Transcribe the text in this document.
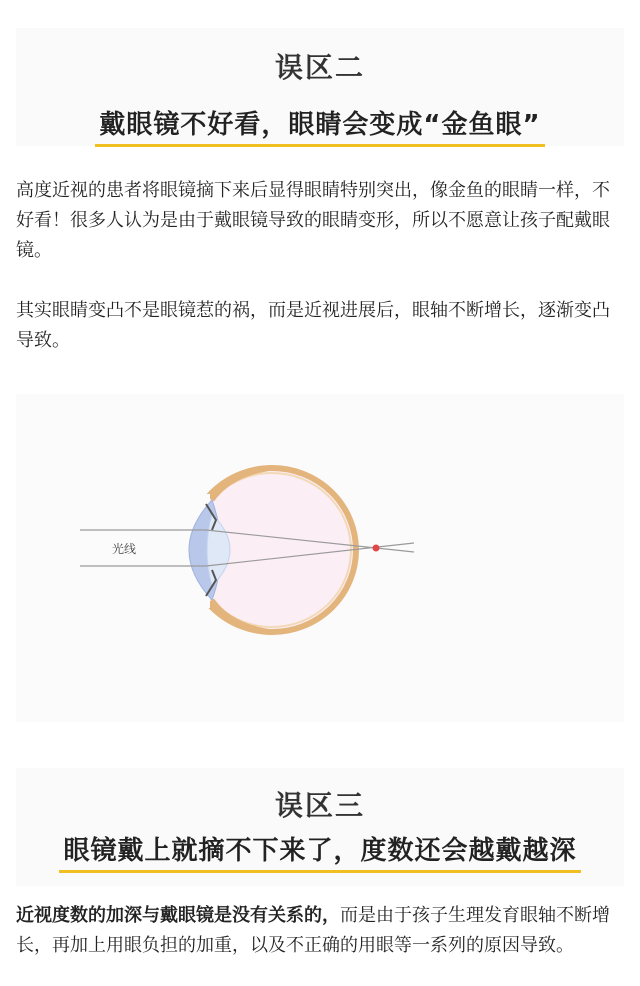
误区二
戴眼镜不好看，眼睛会变成“金鱼眼”

高度近视的患者将眼镜摘下来后显得眼睛特别突出，像金鱼的眼睛一样，不好看！很多人认为是由于戴眼镜导致的眼睛变形，所以不愿意让孩子配戴眼镜。

其实眼睛变凸不是眼镜惹的祸，而是近视进展后，眼轴不断增长，逐渐变凸导致。

光线
误区三
眼镜戴上就摘不下来了，度数还会越戴越深

近视度数的加深与戴眼镜是没有关系的，而是由于孩子生理发育眼轴不断增长，再加上用眼负担的加重，以及不正确的用眼等一系列的原因导致。
